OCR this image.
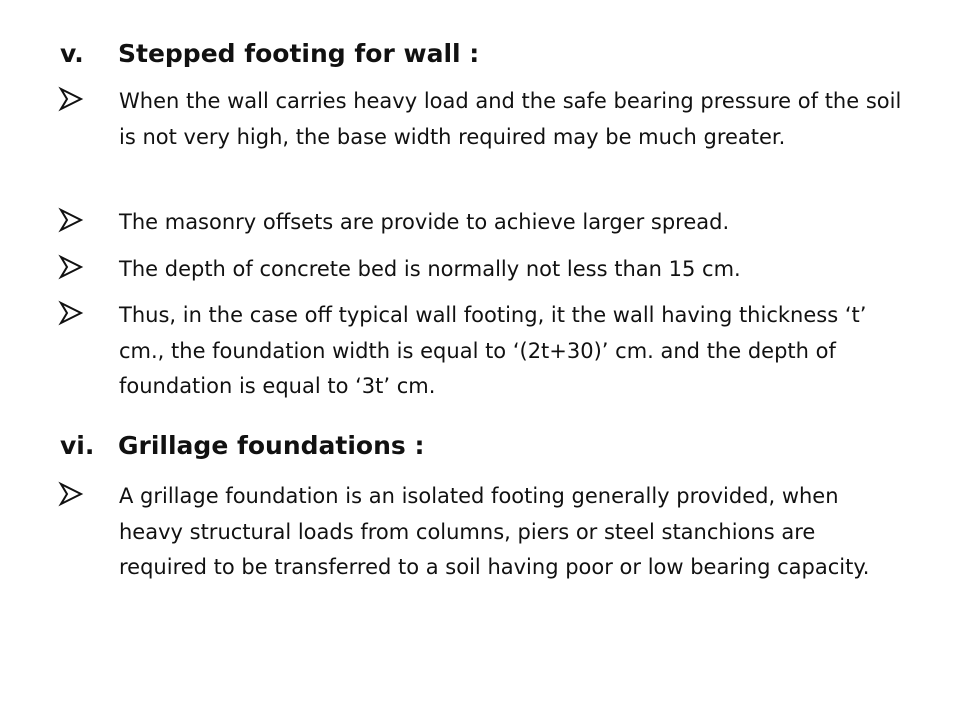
v. Stepped footing for wall :
When the wall carries heavy load and the safe bearing pressure of the soil is not very high, the base width required may be much greater.
The masonry offsets are provide to achieve larger spread.
The depth of concrete bed is normally not less than 15 cm.
Thus, in the case off typical wall footing, it the wall having thickness ‘t’ cm., the foundation width is equal to ‘(2t+30)’ cm. and the depth of foundation is equal to ‘3t’ cm.
vi. Grillage foundations :
A grillage foundation is an isolated footing generally provided, when heavy structural loads from columns, piers or steel stanchions are required to be transferred to a soil having poor or low bearing capacity.
